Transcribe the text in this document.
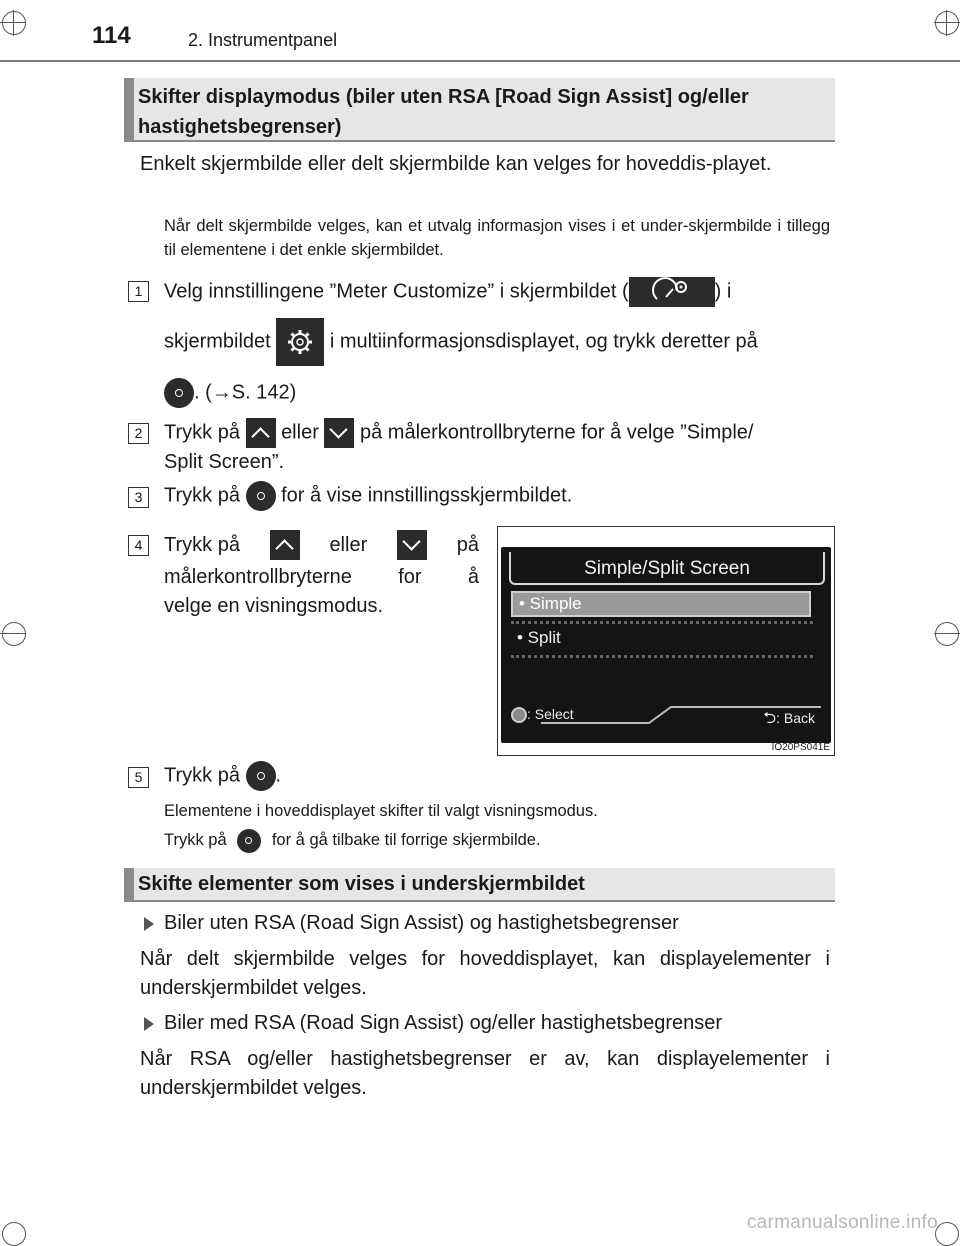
114	2. Instrumentpanel
Skifter displaymodus (biler uten RSA [Road Sign Assist] og/eller hastighetsbegrenser)
Enkelt skjermbilde eller delt skjermbilde kan velges for hoveddis-playet.
Når delt skjermbilde velges, kan et utvalg informasjon vises i et under-skjermbilde i tillegg til elementene i det enkle skjermbildet.
1	Velg innstillingene ”Meter Customize” i skjermbildet (	) i
skjermbildet	i multiinformasjonsdisplayet, og trykk deretter på
. (→S. 142)
2	Trykk på eller på målerkontrollbryterne for å velge ”Simple/
Split Screen”.
3	Trykk på for å vise innstillingsskjermbildet.
4	Trykk på	eller	på
målerkontrollbryterne for å
velge en visningsmodus.
Simple/Split Screen
• Simple
• Split
: Select	⮌: Back
IO20PS041E
5	Trykk på .
Elementene i hoveddisplayet skifter til valgt visningsmodus.
Trykk på	for å gå tilbake til forrige skjermbilde.
Skifte elementer som vises i underskjermbildet
Biler uten RSA (Road Sign Assist) og hastighetsbegrenser
Når delt skjermbilde velges for hoveddisplayet, kan displayelementer i underskjermbildet velges.
Biler med RSA (Road Sign Assist) og/eller hastighetsbegrenser
Når RSA og/eller hastighetsbegrenser er av, kan displayelementer i underskjermbildet velges.
carmanualsonline.info
